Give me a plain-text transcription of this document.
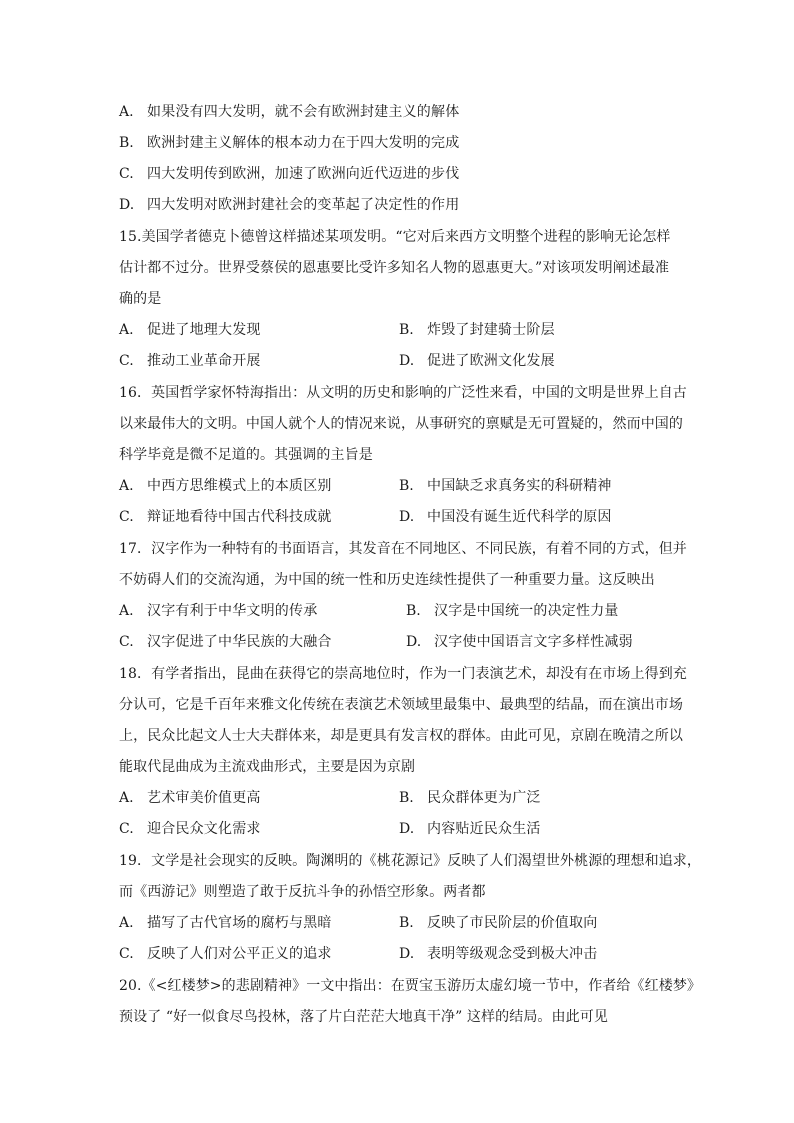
A. 如果没有四大发明，就不会有欧洲封建主义的解体
B. 欧洲封建主义解体的根本动力在于四大发明的完成
C. 四大发明传到欧洲，加速了欧洲向近代迈进的步伐
D. 四大发明对欧洲封建社会的变革起了决定性的作用
15.美国学者德克卜德曾这样描述某项发明。“它对后来西方文明整个进程的影响无论怎样
估计都不过分。世界受蔡侯的恩惠要比受许多知名人物的恩惠更大。”对该项发明阐述最准
确的是
A. 促进了地理大发现	B. 炸毁了封建骑士阶层
C. 推动工业革命开展	D. 促进了欧洲文化发展
16．英国哲学家怀特海指出：从文明的历史和影响的广泛性来看，中国的文明是世界上自古
以来最伟大的文明。中国人就个人的情况来说，从事研究的禀赋是无可置疑的，然而中国的
科学毕竟是微不足道的。其强调的主旨是
A. 中西方思维模式上的本质区别	B. 中国缺乏求真务实的科研精神
C. 辩证地看待中国古代科技成就	D. 中国没有诞生近代科学的原因
17．汉字作为一种特有的书面语言，其发音在不同地区、不同民族，有着不同的方式，但并
不妨碍人们的交流沟通，为中国的统一性和历史连续性提供了一种重要力量。这反映出
A. 汉字有利于中华文明的传承	B. 汉字是中国统一的决定性力量
C. 汉字促进了中华民族的大融合	D. 汉字使中国语言文字多样性减弱
18．有学者指出，昆曲在获得它的崇高地位时，作为一门表演艺术，却没有在市场上得到充
分认可，它是千百年来雅文化传统在表演艺术领域里最集中、最典型的结晶，而在演出市场
上，民众比起文人士大夫群体来，却是更具有发言权的群体。由此可见，京剧在晚清之所以
能取代昆曲成为主流戏曲形式，主要是因为京剧
A. 艺术审美价值更高	B. 民众群体更为广泛
C. 迎合民众文化需求	D. 内容贴近民众生活
19．文学是社会现实的反映。陶渊明的《桃花源记》反映了人们渴望世外桃源的理想和追求，
而《西游记》则塑造了敢于反抗斗争的孙悟空形象。两者都
A. 描写了古代官场的腐朽与黑暗	B. 反映了市民阶层的价值取向
C. 反映了人们对公平正义的追求	D. 表明等级观念受到极大冲击
20.《<红楼梦>的悲剧精神》一文中指出：在贾宝玉游历太虚幻境一节中，作者给《红楼梦》
预设了 “好一似食尽鸟投林，落了片白茫茫大地真干净” 这样的结局。由此可见
